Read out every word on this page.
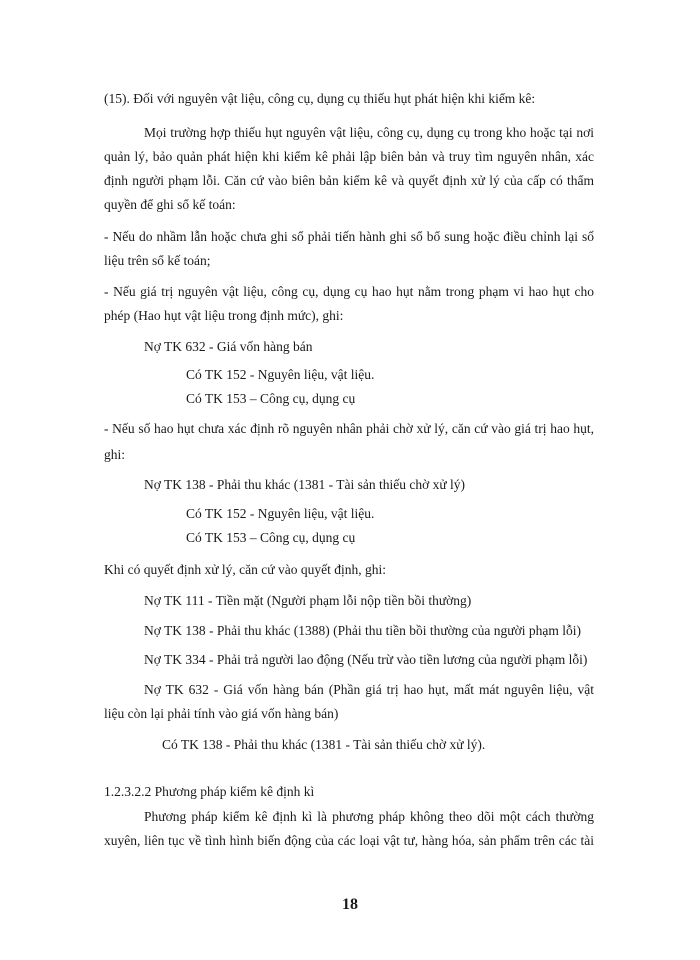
(15). Đối với nguyên vật liệu, công cụ, dụng cụ thiếu hụt phát hiện khi kiểm kê:
Mọi trường hợp thiếu hụt nguyên vật liệu, công cụ, dụng cụ trong kho hoặc tại nơi
quản lý, bảo quản phát hiện khi kiểm kê phải lập biên bản và truy tìm nguyên nhân, xác
định người phạm lỗi. Căn cứ vào biên bản kiểm kê và quyết định xử lý của cấp có thẩm
quyền để ghi sổ kế toán:
- Nếu do nhầm lẫn hoặc chưa ghi sổ phải tiến hành ghi sổ bổ sung hoặc điều chỉnh lại số
liệu trên sổ kế toán;
- Nếu giá trị nguyên vật liệu, công cụ, dụng cụ hao hụt nằm trong phạm vi hao hụt cho
phép (Hao hụt vật liệu trong định mức), ghi:
Nợ TK 632 - Giá vốn hàng bán
Có TK 152 - Nguyên liệu, vật liệu.
Có TK 153 – Công cụ, dụng cụ
- Nếu số hao hụt chưa xác định rõ nguyên nhân phải chờ xử lý, căn cứ vào giá trị hao hụt,
ghi:
Nợ TK 138 - Phải thu khác (1381 - Tài sản thiếu chờ xử lý)
Có TK 152 - Nguyên liệu, vật liệu.
Có TK 153 – Công cụ, dụng cụ
Khi có quyết định xử lý, căn cứ vào quyết định, ghi:
Nợ TK 111 - Tiền mặt (Người phạm lỗi nộp tiền bồi thường)
Nợ TK 138 - Phải thu khác (1388) (Phải thu tiền bồi thường của người phạm lỗi)
Nợ TK 334 - Phải trả người lao động (Nếu trừ vào tiền lương của người phạm lỗi)
Nợ TK 632 - Giá vốn hàng bán (Phần giá trị hao hụt, mất mát nguyên liệu, vật
liệu còn lại phải tính vào giá vốn hàng bán)
Có TK 138 - Phải thu khác (1381 - Tài sản thiếu chờ xử lý).
1.2.3.2.2 Phương pháp kiểm kê định kì
Phương pháp kiểm kê định kì là phương pháp không theo dõi một cách thường
xuyên, liên tục về tình hình biến động của các loại vật tư, hàng hóa, sản phẩm trên các tài
18
